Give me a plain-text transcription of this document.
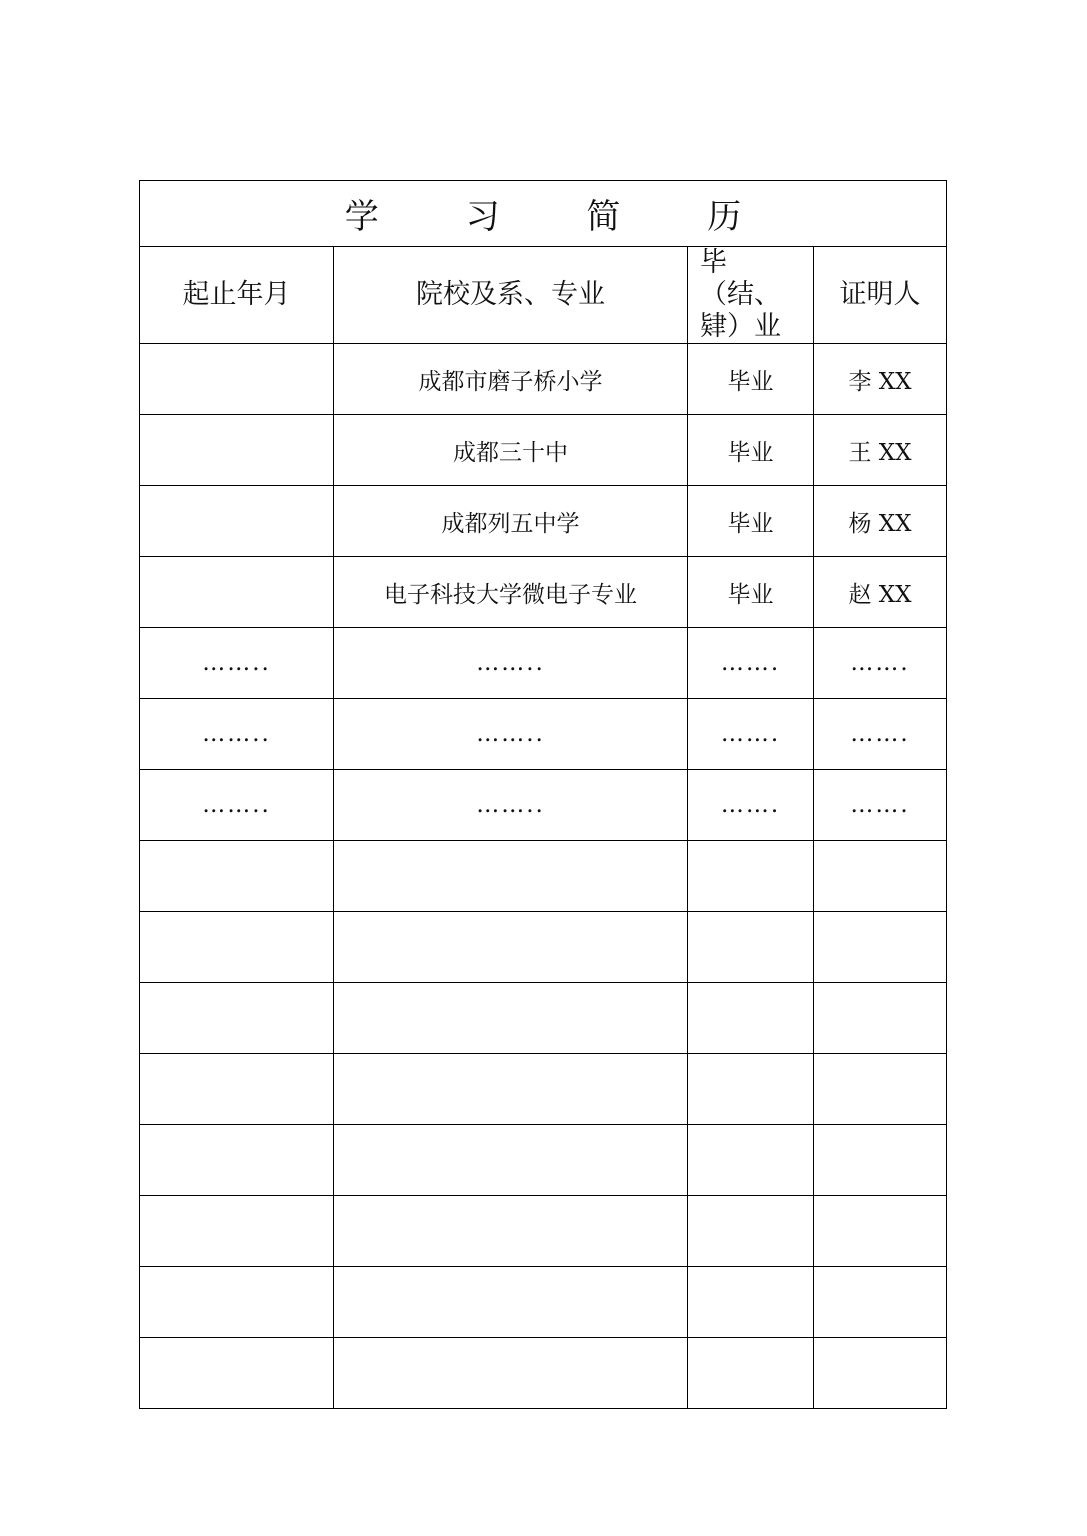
学 习 简 历			
起止年月	院校及系、专业	毕（结、肄）业	证明人
	成都市磨子桥小学	毕业	李 XX
	成都三十中	毕业	王 XX
	成都列五中学	毕业	杨 XX
	电子科技大学微电子专业	毕业	赵 XX
……..	……..	…….	…….
……..	……..	…….	…….
……..	……..	…….	…….
